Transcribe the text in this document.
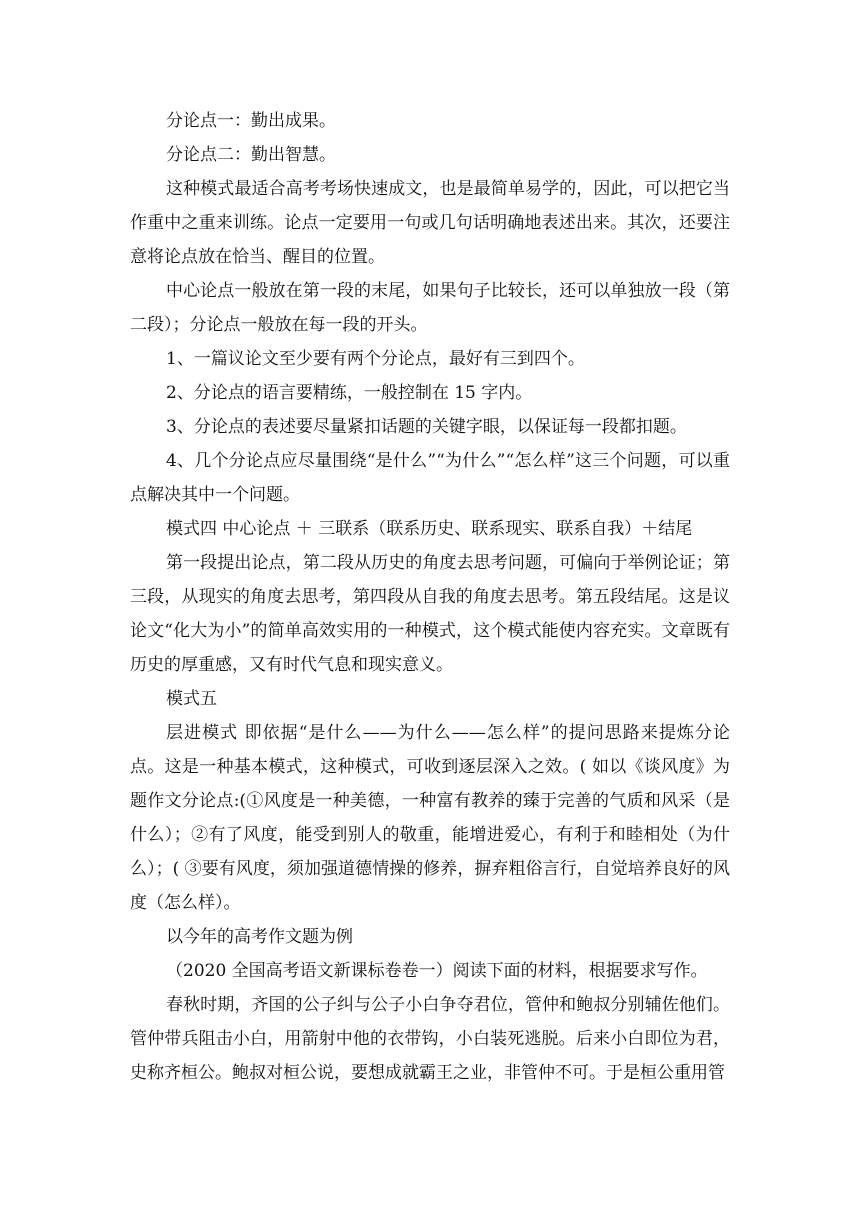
分论点一：勤出成果。

分论点二：勤出智慧。

这种模式最适合高考考场快速成文，也是最简单易学的，因此，可以把它当作重中之重来训练。论点一定要用一句或几句话明确地表述出来。其次，还要注意将论点放在恰当、醒目的位置。

中心论点一般放在第一段的末尾，如果句子比较长，还可以单独放一段（第二段）；分论点一般放在每一段的开头。

1、一篇议论文至少要有两个分论点，最好有三到四个。

2、分论点的语言要精练，一般控制在 15 字内。

3、分论点的表述要尽量紧扣话题的关键字眼，以保证每一段都扣题。

4、几个分论点应尽量围绕“是什么”“为什么”“怎么样”这三个问题，可以重点解决其中一个问题。

模式四 中心论点 ＋ 三联系（联系历史、联系现实、联系自我）＋结尾

第一段提出论点，第二段从历史的角度去思考问题，可偏向于举例论证；第三段，从现实的角度去思考，第四段从自我的角度去思考。第五段结尾。这是议论文“化大为小”的简单高效实用的一种模式，这个模式能使内容充实。文章既有历史的厚重感，又有时代气息和现实意义。

模式五

层进模式 即依据“是什么——为什么——怎么样”的提问思路来提炼分论点。这是一种基本模式，这种模式，可收到逐层深入之效。( 如以《谈风度》为题作文分论点:(①风度是一种美德，一种富有教养的臻于完善的气质和风采（是什么）；②有了风度，能受到别人的敬重，能增进爱心，有利于和睦相处（为什么）；( ③要有风度，须加强道德情操的修养，摒弃粗俗言行，自觉培养良好的风度（怎么样）。

以今年的高考作文题为例

（2020 全国高考语文新课标卷卷一）阅读下面的材料，根据要求写作。

春秋时期，齐国的公子纠与公子小白争夺君位，管仲和鲍叔分别辅佐他们。管仲带兵阻击小白，用箭射中他的衣带钩，小白装死逃脱。后来小白即位为君，史称齐桓公。鲍叔对桓公说，要想成就霸王之业，非管仲不可。于是桓公重用管
